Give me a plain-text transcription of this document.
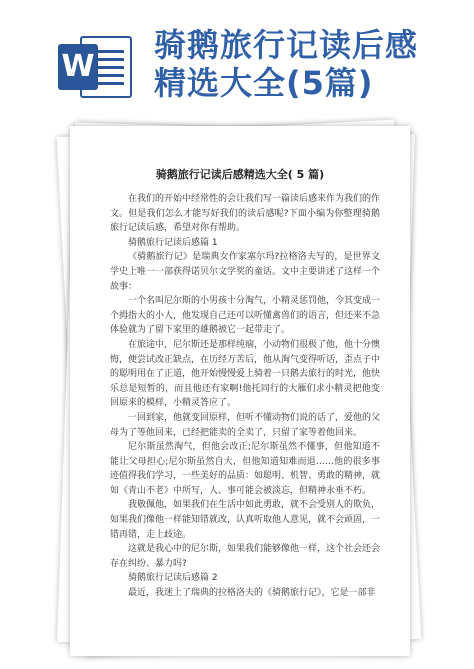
W
骑鹅旅行记读后感
精选大全(5篇)
骑鹅旅行记读后感精选大全( 5 篇)

在我们的开始中经常性的会让我们写一篇读后感来作为我们的作文。但是我们怎么才能写好我们的读后感呢?下面小编为你整理骑鹅旅行记读后感，希望对你有帮助。

骑鹅旅行记读后感篇 1

《骑鹅旅行记》是瑞典女作家塞尔玛?拉格洛夫写的，是世界文学史上唯一一部获得诺贝尔文学奖的童话。文中主要讲述了这样一个故事：

一个名叫尼尔斯的小男孩十分淘气，小精灵惩罚他，令其变成一个拇指大的小人，他发现自己还可以听懂禽兽们的语言，但还来不急体验就为了留下家里的雄鹅被它一起带走了。

在旅途中，尼尔斯还是那样纯痼，小动物们很极了他，他十分懊悔，便尝试改正缺点，在历经万苦后，他从淘气变得听话，歪点子中的聪明用在了正道，他开始慢慢爱上骑着一只鹅去旅行的时光，他快乐总是短暂的，而且他还有家啊!他托同行的大雁们求小精灵把他变回原来的模样，小精灵答应了。

一回到家，他就变回原样，但听不懂动物们说的话了，爱他的父母为了等他回来，已经把能卖的全卖了，只留了家等着他回来。

尼尔斯虽然淘气，但他会改正;尼尔斯虽然不懂事，但他知道不能让父母担心;尼尔斯虽然自大，但他知道知难而退……他的很多事迹值得我们学习，一些美好的品质：如聪明、机智、勇敢的精神，就如《青山不老》中所写，人、事可能会被淡忘，但精神永垂不朽。

我敬佩他，如果我们在生活中如此勇敢，就不会受别人的欺负，如果我们像他一样能知错就改，认真听取他人意见，就不会顽固，一错再错，走上歧途。

这就是我心中的尼尔斯，如果我们能够像他一样，这个社会还会存在纠纷、暴力吗?

骑鹅旅行记读后感篇 2

最近，我迷上了瑞典的拉格洛夫的《骑鹅旅行记》，它是一部非
